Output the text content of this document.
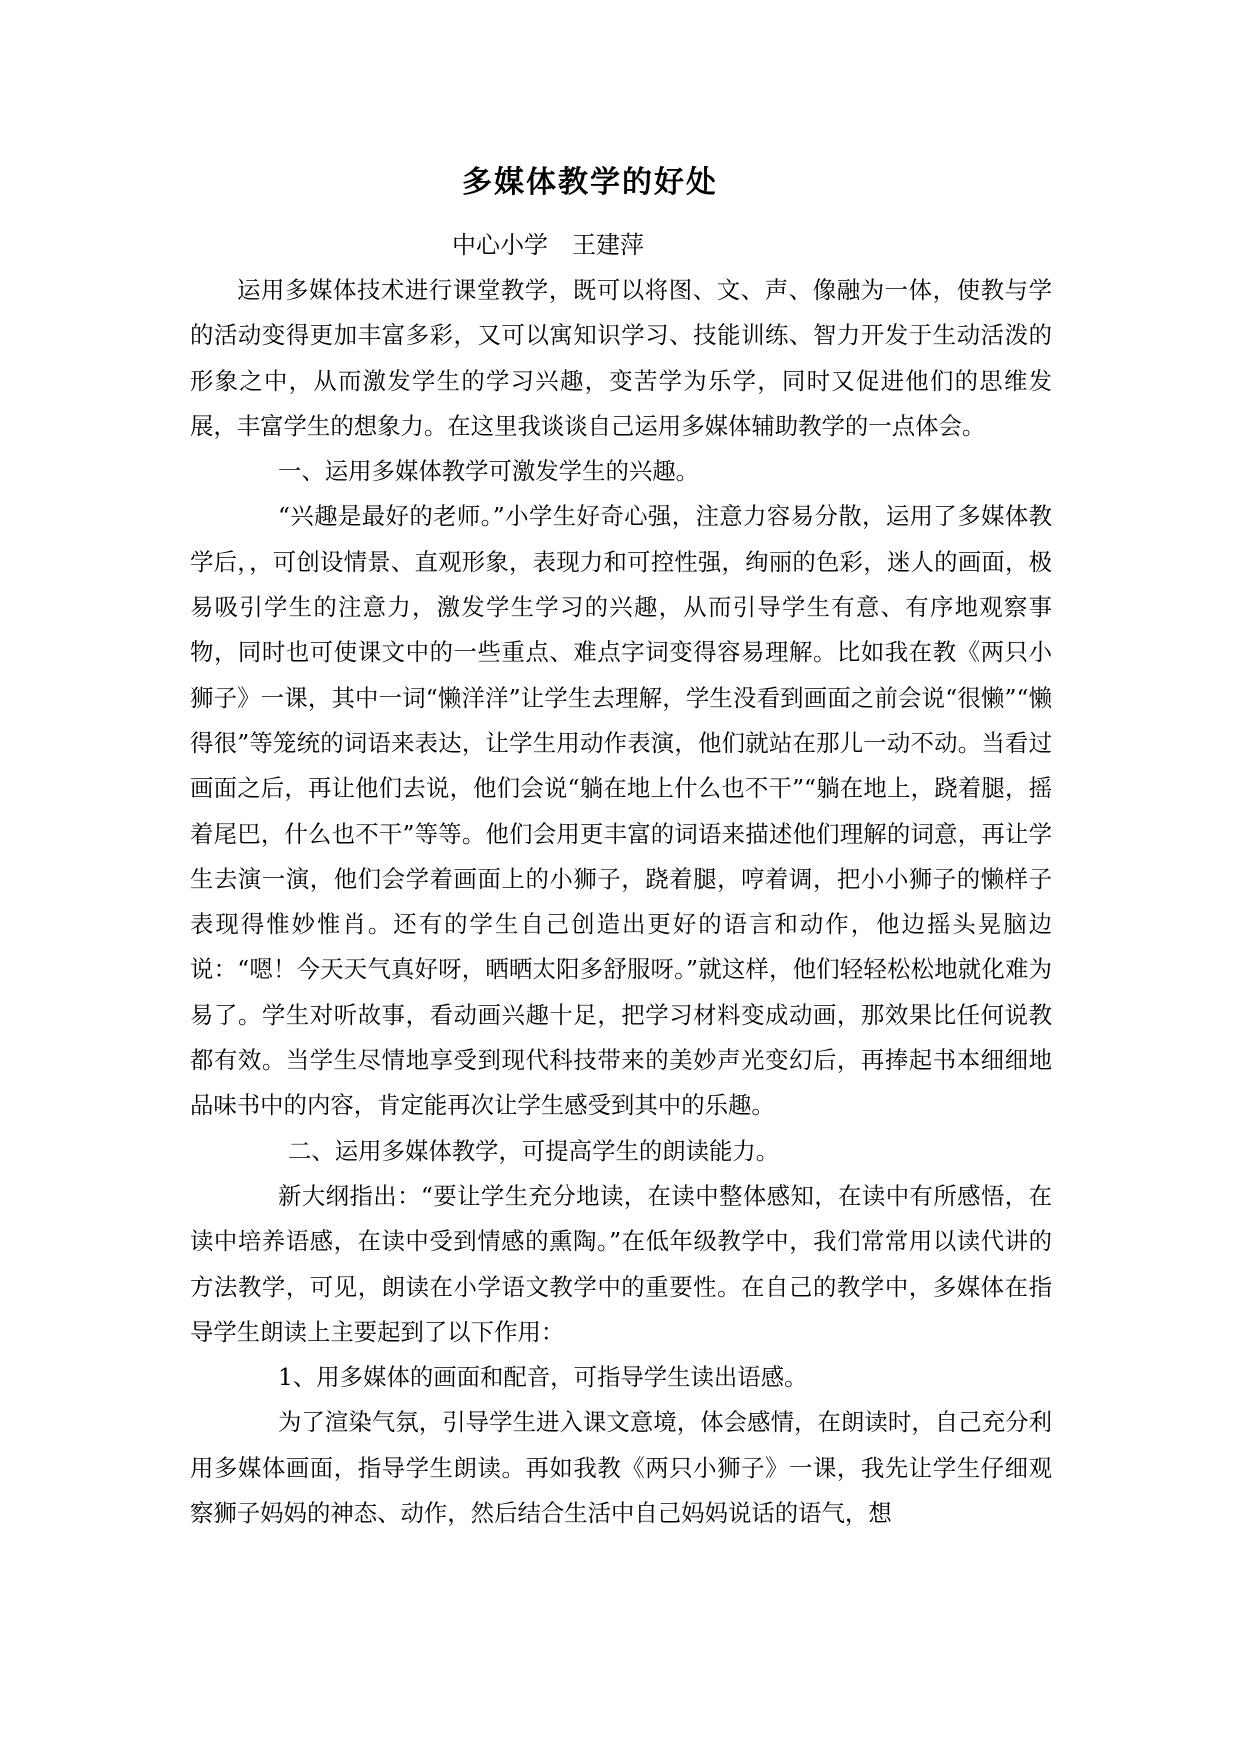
多媒体教学的好处
中心小学　王建萍

运用多媒体技术进行课堂教学，既可以将图、文、声、像融为一体，使教与学的活动变得更加丰富多彩，又可以寓知识学习、技能训练、智力开发于生动活泼的形象之中，从而激发学生的学习兴趣，变苦学为乐学，同时又促进他们的思维发展，丰富学生的想象力。在这里我谈谈自己运用多媒体辅助教学的一点体会。

一、运用多媒体教学可激发学生的兴趣。

“兴趣是最好的老师。”小学生好奇心强，注意力容易分散，运用了多媒体教学后，，可创设情景、直观形象，表现力和可控性强，绚丽的色彩，迷人的画面，极易吸引学生的注意力，激发学生学习的兴趣，从而引导学生有意、有序地观察事物，同时也可使课文中的一些重点、难点字词变得容易理解。比如我在教《两只小狮子》一课，其中一词“懒洋洋”让学生去理解，学生没看到画面之前会说“很懒”“懒得很”等笼统的词语来表达，让学生用动作表演，他们就站在那儿一动不动。当看过画面之后，再让他们去说，他们会说“躺在地上什么也不干”“躺在地上，跷着腿，摇着尾巴，什么也不干”等等。他们会用更丰富的词语来描述他们理解的词意，再让学生去演一演，他们会学着画面上的小狮子，跷着腿，哼着调，把小小狮子的懒样子表现得惟妙惟肖。还有的学生自己创造出更好的语言和动作，他边摇头晃脑边说：“嗯！今天天气真好呀，晒晒太阳多舒服呀。”就这样，他们轻轻松松地就化难为易了。学生对听故事，看动画兴趣十足，把学习材料变成动画，那效果比任何说教都有效。当学生尽情地享受到现代科技带来的美妙声光变幻后，再捧起书本细细地品味书中的内容，肯定能再次让学生感受到其中的乐趣。

二、运用多媒体教学，可提高学生的朗读能力。

新大纲指出：“要让学生充分地读，在读中整体感知，在读中有所感悟，在读中培养语感，在读中受到情感的熏陶。”在低年级教学中，我们常常用以读代讲的方法教学，可见，朗读在小学语文教学中的重要性。在自己的教学中，多媒体在指导学生朗读上主要起到了以下作用：

1、用多媒体的画面和配音，可指导学生读出语感。

为了渲染气氛，引导学生进入课文意境，体会感情，在朗读时，自己充分利用多媒体画面，指导学生朗读。再如我教《两只小狮子》一课，我先让学生仔细观察狮子妈妈的神态、动作，然后结合生活中自己妈妈说话的语气，想
